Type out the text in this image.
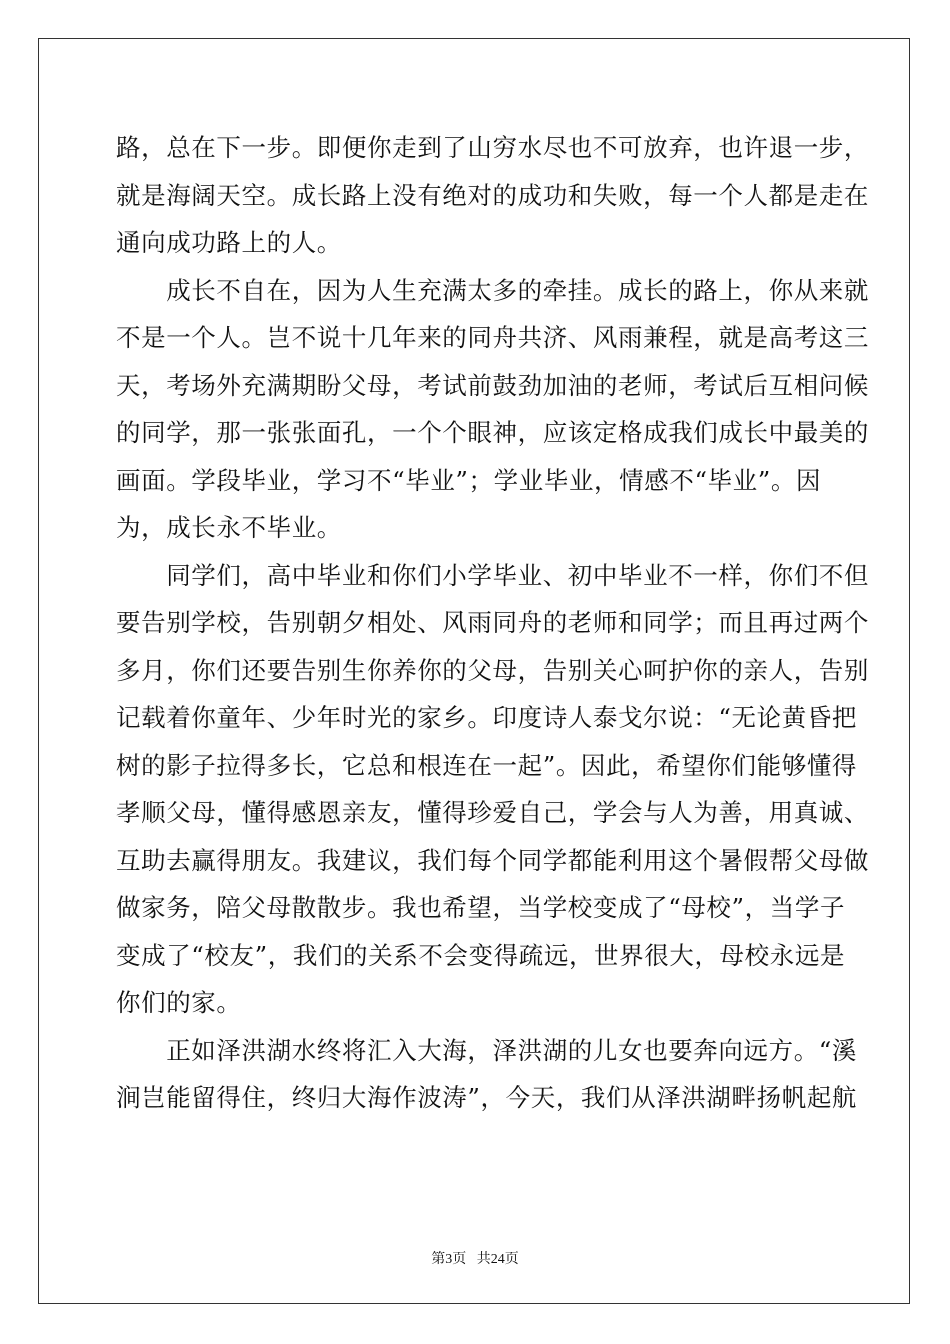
路，总在下一步。即便你走到了山穷水尽也不可放弃，也许退一步，
就是海阔天空。成长路上没有绝对的成功和失败，每一个人都是走在
通向成功路上的人。

　　成长不自在，因为人生充满太多的牵挂。成长的路上，你从来就
不是一个人。岂不说十几年来的同舟共济、风雨兼程，就是高考这三
天，考场外充满期盼父母，考试前鼓劲加油的老师，考试后互相问候
的同学，那一张张面孔，一个个眼神，应该定格成我们成长中最美的
画面。学段毕业，学习不“毕业”；学业毕业，情感不“毕业”。因
为，成长永不毕业。

　　同学们，高中毕业和你们小学毕业、初中毕业不一样，你们不但
要告别学校，告别朝夕相处、风雨同舟的老师和同学；而且再过两个
多月，你们还要告别生你养你的父母，告别关心呵护你的亲人，告别
记载着你童年、少年时光的家乡。印度诗人泰戈尔说：“无论黄昏把
树的影子拉得多长，它总和根连在一起”。因此，希望你们能够懂得
孝顺父母，懂得感恩亲友，懂得珍爱自己，学会与人为善，用真诚、
互助去赢得朋友。我建议，我们每个同学都能利用这个暑假帮父母做
做家务，陪父母散散步。我也希望，当学校变成了“母校”，当学子
变成了“校友”，我们的关系不会变得疏远，世界很大，母校永远是
你们的家。

　　正如泽洪湖水终将汇入大海，泽洪湖的儿女也要奔向远方。“溪
涧岂能留得住，终归大海作波涛”，今天，我们从泽洪湖畔扬帆起航

第3页 共24页
